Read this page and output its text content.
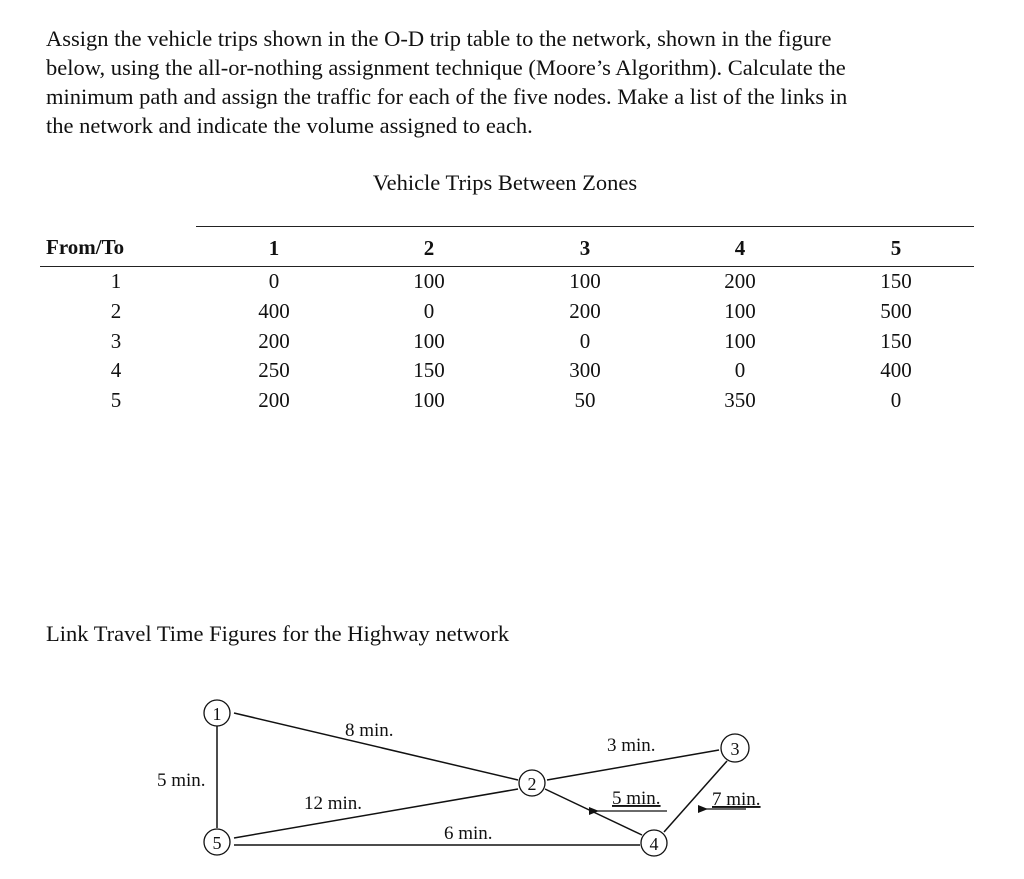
Assign the vehicle trips shown in the O-D trip table to the network, shown in the figure
below, using the all-or-nothing assignment technique (Moore’s Algorithm). Calculate the
minimum path and assign the traffic for each of the five nodes. Make a list of the links in
the network and indicate the volume assigned to each.
Vehicle Trips Between Zones
From/To	1	2	3	4	5
1	0	100	100	200	150
2	400	0	200	100	500
3	200	100	0	100	150
4	250	150	300	0	400
5	200	100	50	350	0
Link Travel Time Figures for the Highway network
1
5
2
3
4
5 min.
8 min.
12 min.
6 min.
3 min.
5 min.	7 min.
